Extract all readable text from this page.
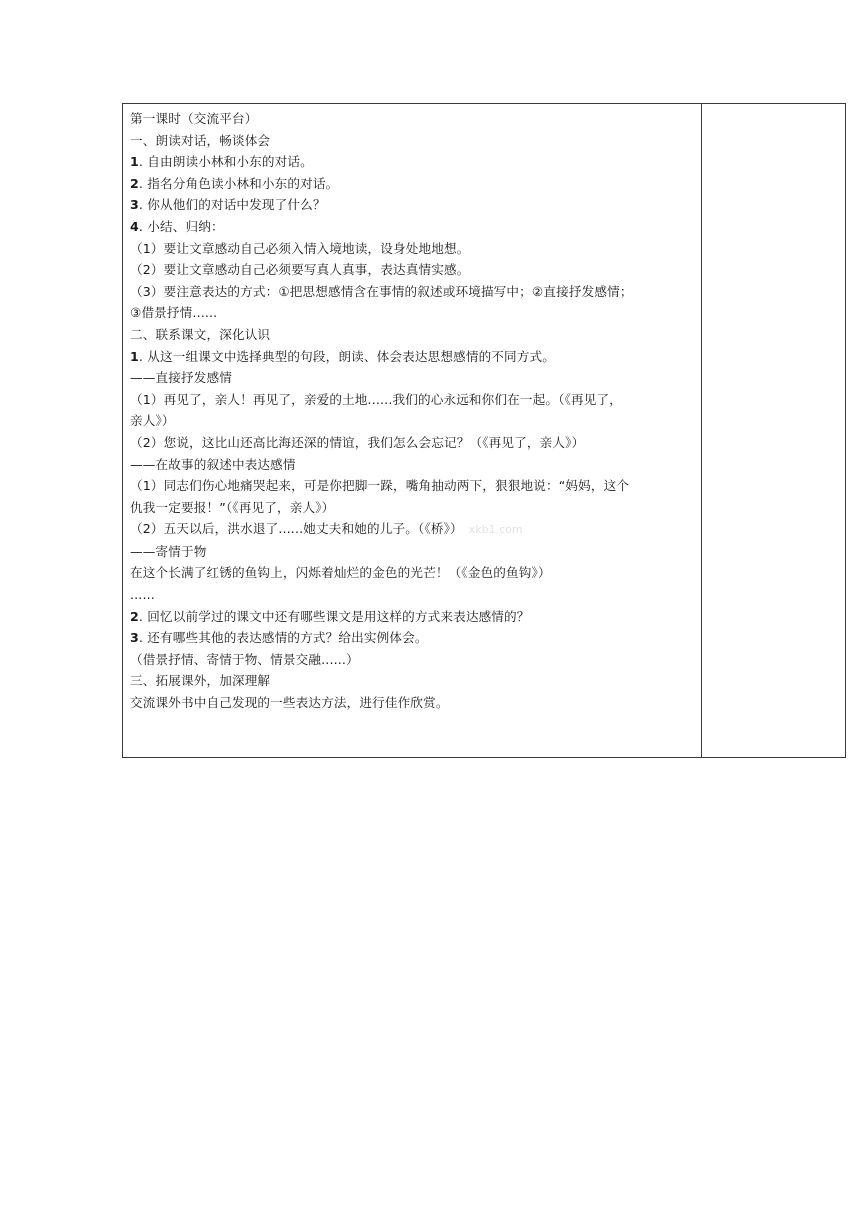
第一课时（交流平台）
一、朗读对话，畅谈体会
1. 自由朗读小林和小东的对话。
2. 指名分角色读小林和小东的对话。
3. 你从他们的对话中发现了什么？
4. 小结、归纳：
（1）要让文章感动自己必须入情入境地读，设身处地地想。
（2）要让文章感动自己必须要写真人真事，表达真情实感。
（3）要注意表达的方式：①把思想感情含在事情的叙述或环境描写中；②直接抒发感情；
③借景抒情......
二、联系课文，深化认识
1. 从这一组课文中选择典型的句段，朗读、体会表达思想感情的不同方式。
——直接抒发感情
（1）再见了，亲人！再见了，亲爱的土地......我们的心永远和你们在一起。（《再见了，
亲人》）
（2）您说，这比山还高比海还深的情谊，我们怎么会忘记？（《再见了，亲人》）
——在故事的叙述中表达感情
（1）同志们伤心地痛哭起来，可是你把脚一跺，嘴角抽动两下，狠狠地说：“妈妈，这个
仇我一定要报！”（《再见了，亲人》）
（2）五天以后，洪水退了......她丈夫和她的儿子。（《桥》） xkb1.com
——寄情于物
在这个长满了红锈的鱼钩上，闪烁着灿烂的金色的光芒！（《金色的鱼钩》）
......
2. 回忆以前学过的课文中还有哪些课文是用这样的方式来表达感情的？
3. 还有哪些其他的表达感情的方式？给出实例体会。
（借景抒情、寄情于物、情景交融......）
三、拓展课外，加深理解
交流课外书中自己发现的一些表达方法，进行佳作欣赏。
